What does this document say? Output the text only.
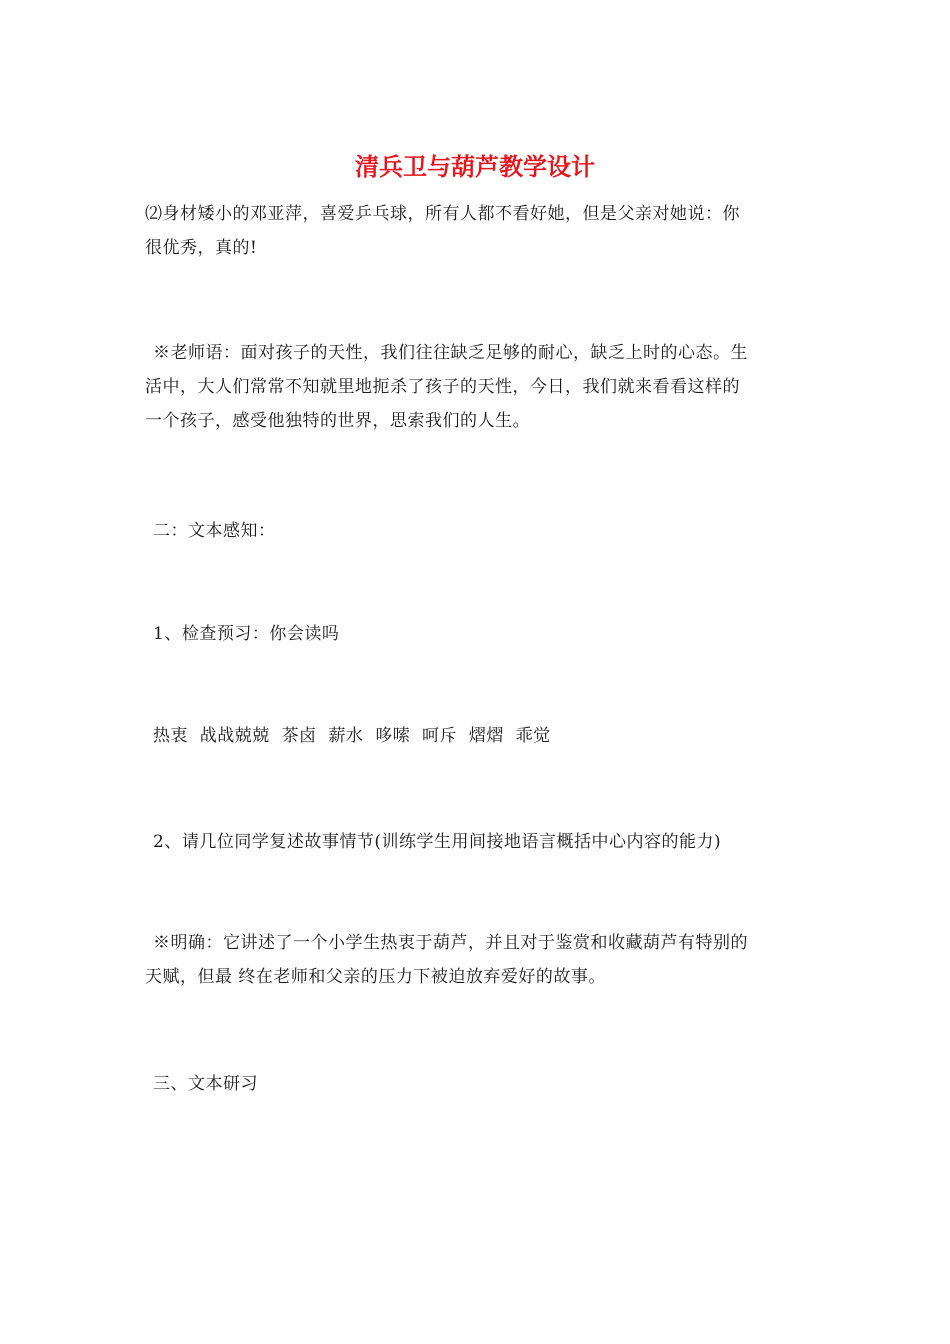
清兵卫与葫芦教学设计
⑵身材矮小的邓亚萍，喜爱乒乓球，所有人都不看好她，但是父亲对她说：你
很优秀，真的!
※老师语：面对孩子的天性，我们往往缺乏足够的耐心，缺乏上时的心态。生
活中，大人们常常不知就里地扼杀了孩子的天性，今日，我们就来看看这样的
一个孩子，感受他独特的世界，思索我们的人生。
二：文本感知：
1、检查预习：你会读吗
热衷  战战兢兢  茶卤  薪水  哆嗦  呵斥  熠熠  乖觉
2、请几位同学复述故事情节(训练学生用间接地语言概括中心内容的能力)
※明确：它讲述了一个小学生热衷于葫芦，并且对于鉴赏和收藏葫芦有特别的
天赋，但最 终在老师和父亲的压力下被迫放弃爱好的故事。
三、文本研习
